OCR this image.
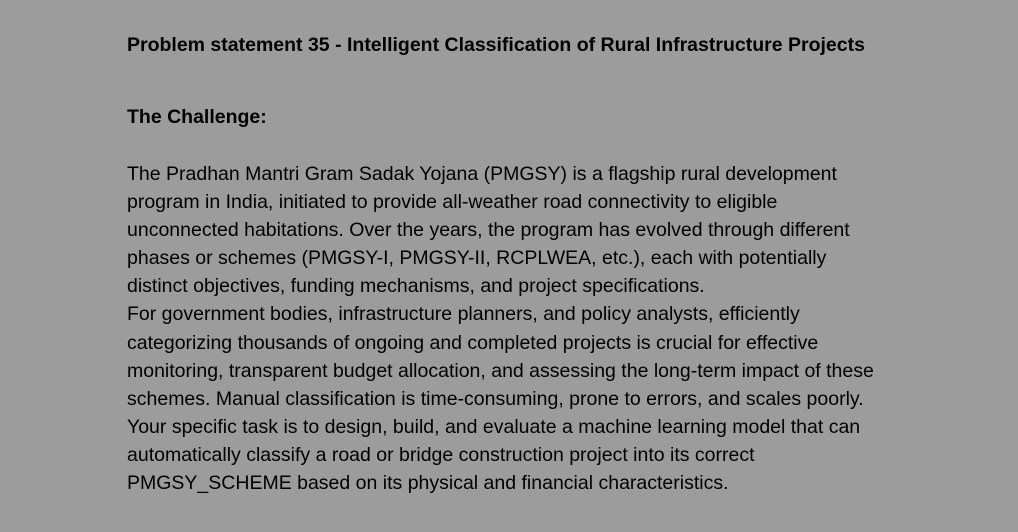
Problem statement 35 - Intelligent Classification of Rural Infrastructure Projects
The Challenge:
The Pradhan Mantri Gram Sadak Yojana (PMGSY) is a flagship rural development
program in India, initiated to provide all-weather road connectivity to eligible
unconnected habitations. Over the years, the program has evolved through different
phases or schemes (PMGSY-I, PMGSY-II, RCPLWEA, etc.), each with potentially
distinct objectives, funding mechanisms, and project specifications.
For government bodies, infrastructure planners, and policy analysts, efficiently
categorizing thousands of ongoing and completed projects is crucial for effective
monitoring, transparent budget allocation, and assessing the long-term impact of these
schemes. Manual classification is time-consuming, prone to errors, and scales poorly.
Your specific task is to design, build, and evaluate a machine learning model that can
automatically classify a road or bridge construction project into its correct
PMGSY_SCHEME based on its physical and financial characteristics.
